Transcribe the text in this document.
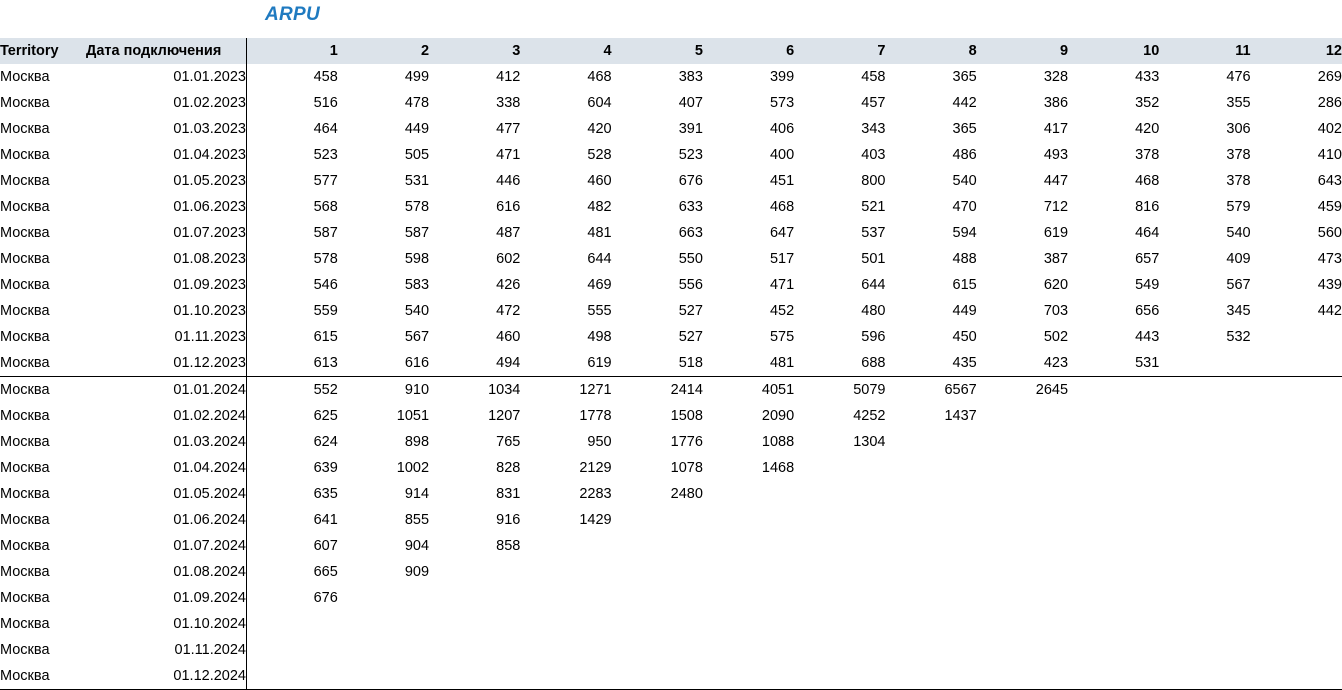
ARPU
Territory	Дата подключения	1	2	3	4	5	6	7	8	9	10	11	12
Москва	01.01.2023	458	499	412	468	383	399	458	365	328	433	476	269
Москва	01.02.2023	516	478	338	604	407	573	457	442	386	352	355	286
Москва	01.03.2023	464	449	477	420	391	406	343	365	417	420	306	402
Москва	01.04.2023	523	505	471	528	523	400	403	486	493	378	378	410
Москва	01.05.2023	577	531	446	460	676	451	800	540	447	468	378	643
Москва	01.06.2023	568	578	616	482	633	468	521	470	712	816	579	459
Москва	01.07.2023	587	587	487	481	663	647	537	594	619	464	540	560
Москва	01.08.2023	578	598	602	644	550	517	501	488	387	657	409	473
Москва	01.09.2023	546	583	426	469	556	471	644	615	620	549	567	439
Москва	01.10.2023	559	540	472	555	527	452	480	449	703	656	345	442
Москва	01.11.2023	615	567	460	498	527	575	596	450	502	443	532	
Москва	01.12.2023	613	616	494	619	518	481	688	435	423	531		
Москва	01.01.2024	552	910	1034	1271	2414	4051	5079	6567	2645			
Москва	01.02.2024	625	1051	1207	1778	1508	2090	4252	1437				
Москва	01.03.2024	624	898	765	950	1776	1088	1304					
Москва	01.04.2024	639	1002	828	2129	1078	1468						
Москва	01.05.2024	635	914	831	2283	2480							
Москва	01.06.2024	641	855	916	1429								
Москва	01.07.2024	607	904	858									
Москва	01.08.2024	665	909										
Москва	01.09.2024	676											
Москва	01.10.2024												
Москва	01.11.2024												
Москва	01.12.2024												
